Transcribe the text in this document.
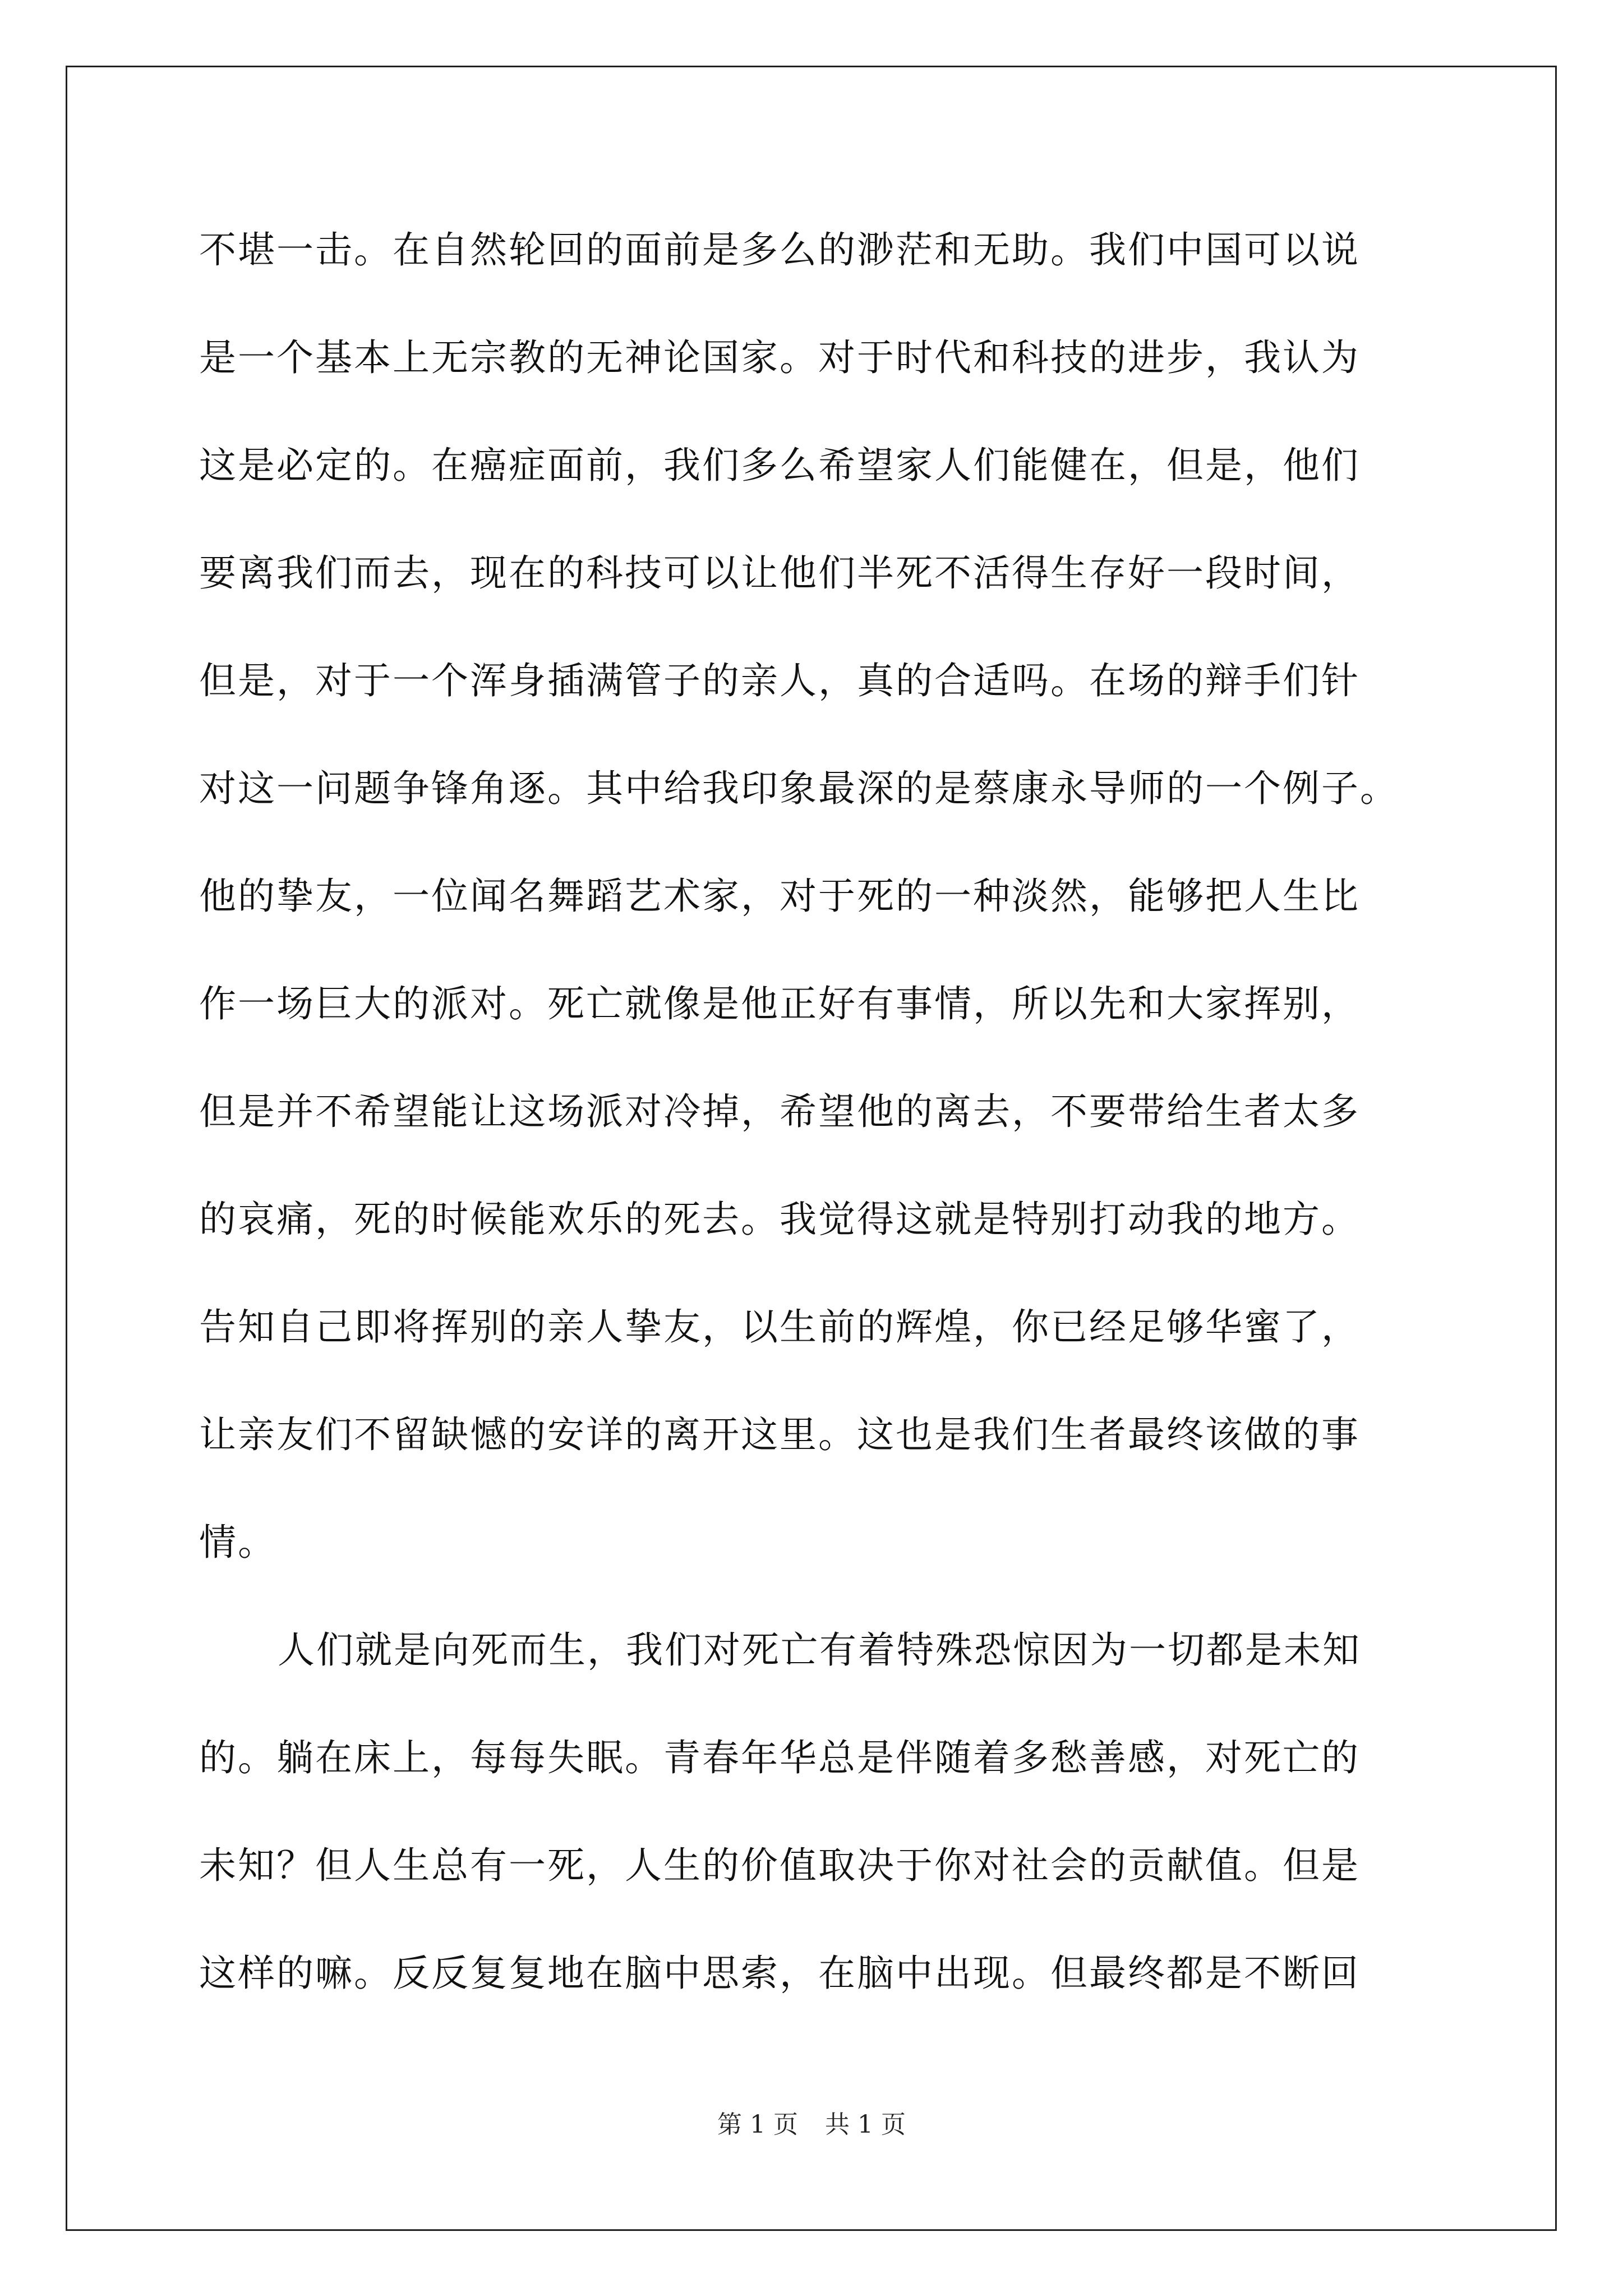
不堪一击。在自然轮回的面前是多么的渺茫和无助。我们中国可以说
是一个基本上无宗教的无神论国家。对于时代和科技的进步，我认为
这是必定的。在癌症面前，我们多么希望家人们能健在，但是，他们
要离我们而去，现在的科技可以让他们半死不活得生存好一段时间，
但是，对于一个浑身插满管子的亲人，真的合适吗。在场的辩手们针
对这一问题争锋角逐。其中给我印象最深的是蔡康永导师的一个例子。
他的挚友，一位闻名舞蹈艺术家，对于死的一种淡然，能够把人生比
作一场巨大的派对。死亡就像是他正好有事情，所以先和大家挥别，
但是并不希望能让这场派对冷掉，希望他的离去，不要带给生者太多
的哀痛，死的时候能欢乐的死去。我觉得这就是特别打动我的地方。
告知自己即将挥别的亲人挚友，以生前的辉煌，你已经足够华蜜了，
让亲友们不留缺憾的安详的离开这里。这也是我们生者最终该做的事
情。
人们就是向死而生，我们对死亡有着特殊恐惊因为一切都是未知
的。躺在床上，每每失眠。青春年华总是伴随着多愁善感，对死亡的
未知？但人生总有一死，人生的价值取决于你对社会的贡献值。但是
这样的嘛。反反复复地在脑中思索，在脑中出现。但最终都是不断回
第 1 页 共 1 页
